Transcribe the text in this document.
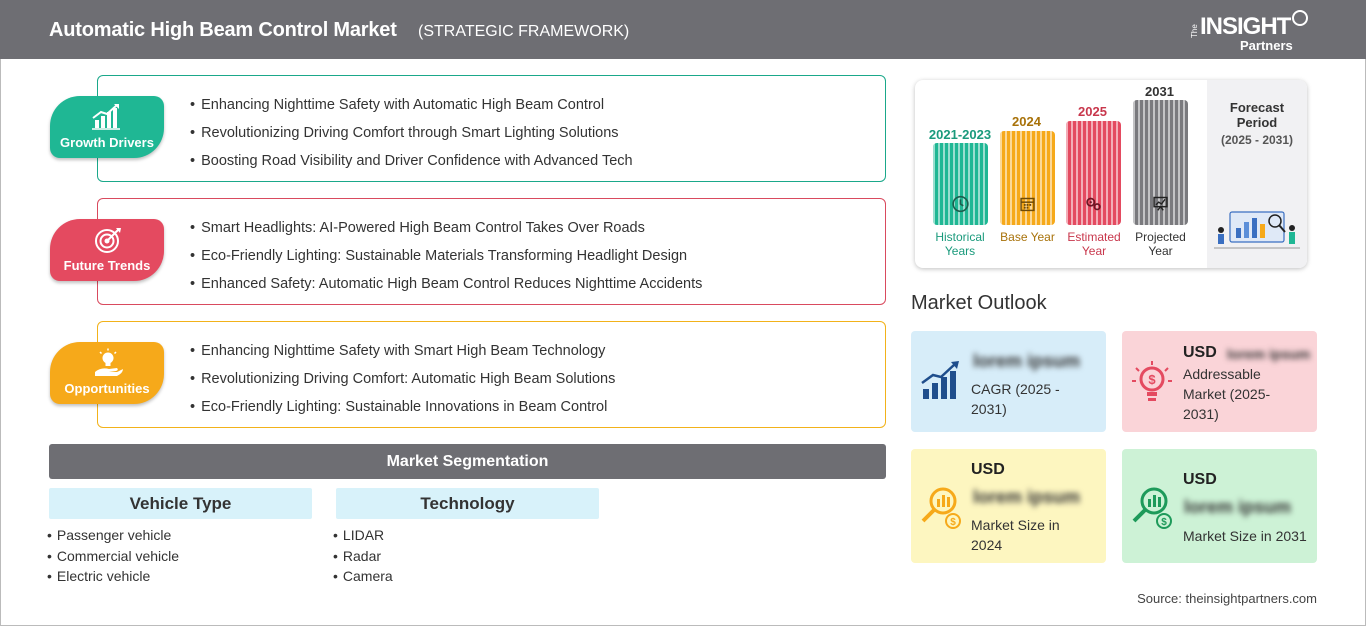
Automatic High Beam Control Market (STRATEGIC FRAMEWORK)	The INSIGHT
Partners
• Enhancing Nighttime Safety with Automatic High Beam Control
• Revolutionizing Driving Comfort through Smart Lighting Solutions
• Boosting Road Visibility and Driver Confidence with Advanced Tech
Growth Drivers
• Smart Headlights: AI-Powered High Beam Control Takes Over Roads
• Eco-Friendly Lighting: Sustainable Materials Transforming Headlight Design
• Enhanced Safety: Automatic High Beam Control Reduces Nighttime Accidents
Future Trends
• Enhancing Nighttime Safety with Smart High Beam Technology
• Revolutionizing Driving Comfort: Automatic High Beam Solutions
• Eco-Friendly Lighting: Sustainable Innovations in Beam Control
Opportunities
Market Segmentation
Vehicle Type	Technology
• Passenger vehicle
• Commercial vehicle
• Electric vehicle
• LIDAR
• Radar
• Camera
Forecast Period
(2025 - 2031)
2021-2023
Historical Years
2024
Base Year
2025
Estimated Year
2031
Projected Year
Market Outlook
lorem ipsum
CAGR (2025 - 2031)
$
USD lorem ipsum
Addressable Market (2025-2031)
$
USD
lorem ipsum
Market Size in 2024
$
USD
lorem ipsum
Market Size in 2031
Source: theinsightpartners.com
